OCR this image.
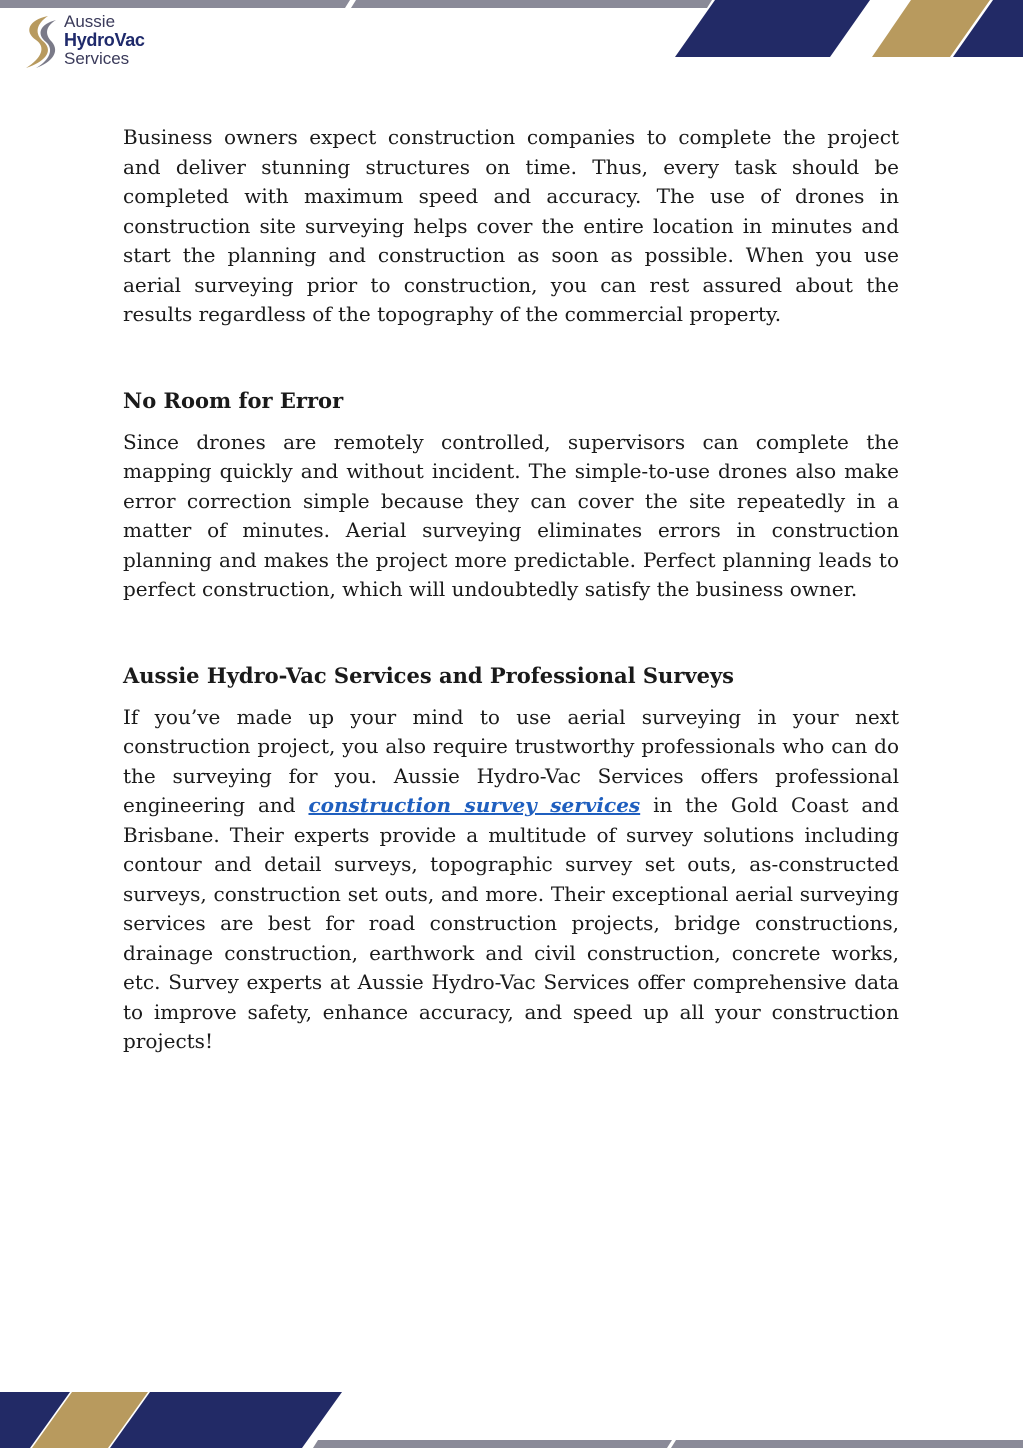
Aussie
HydroVac
Services

Business owners expect construction companies to complete the project and deliver stunning structures on time. Thus, every task should be completed with maximum speed and accuracy. The use of drones in construction site surveying helps cover the entire location in minutes and start the planning and construction as soon as possible. When you use aerial surveying prior to construction, you can rest assured about the results regardless of the topography of the commercial property.

No Room for Error

Since drones are remotely controlled, supervisors can complete the mapping quickly and without incident. The simple-to-use drones also make error correction simple because they can cover the site repeatedly in a matter of minutes. Aerial surveying eliminates errors in construction planning and makes the project more predictable. Perfect planning leads to perfect construction, which will undoubtedly satisfy the business owner.

Aussie Hydro-Vac Services and Professional Surveys

If you’ve made up your mind to use aerial surveying in your next construction project, you also require trustworthy professionals who can do the surveying for you. Aussie Hydro-Vac Services offers professional engineering and construction survey services in the Gold Coast and Brisbane. Their experts provide a multitude of survey solutions including contour and detail surveys, topographic survey set outs, as-constructed surveys, construction set outs, and more. Their exceptional aerial surveying services are best for road construction projects, bridge constructions, drainage construction, earthwork and civil construction, concrete works, etc. Survey experts at Aussie Hydro-Vac Services offer comprehensive data to improve safety, enhance accuracy, and speed up all your construction projects!
